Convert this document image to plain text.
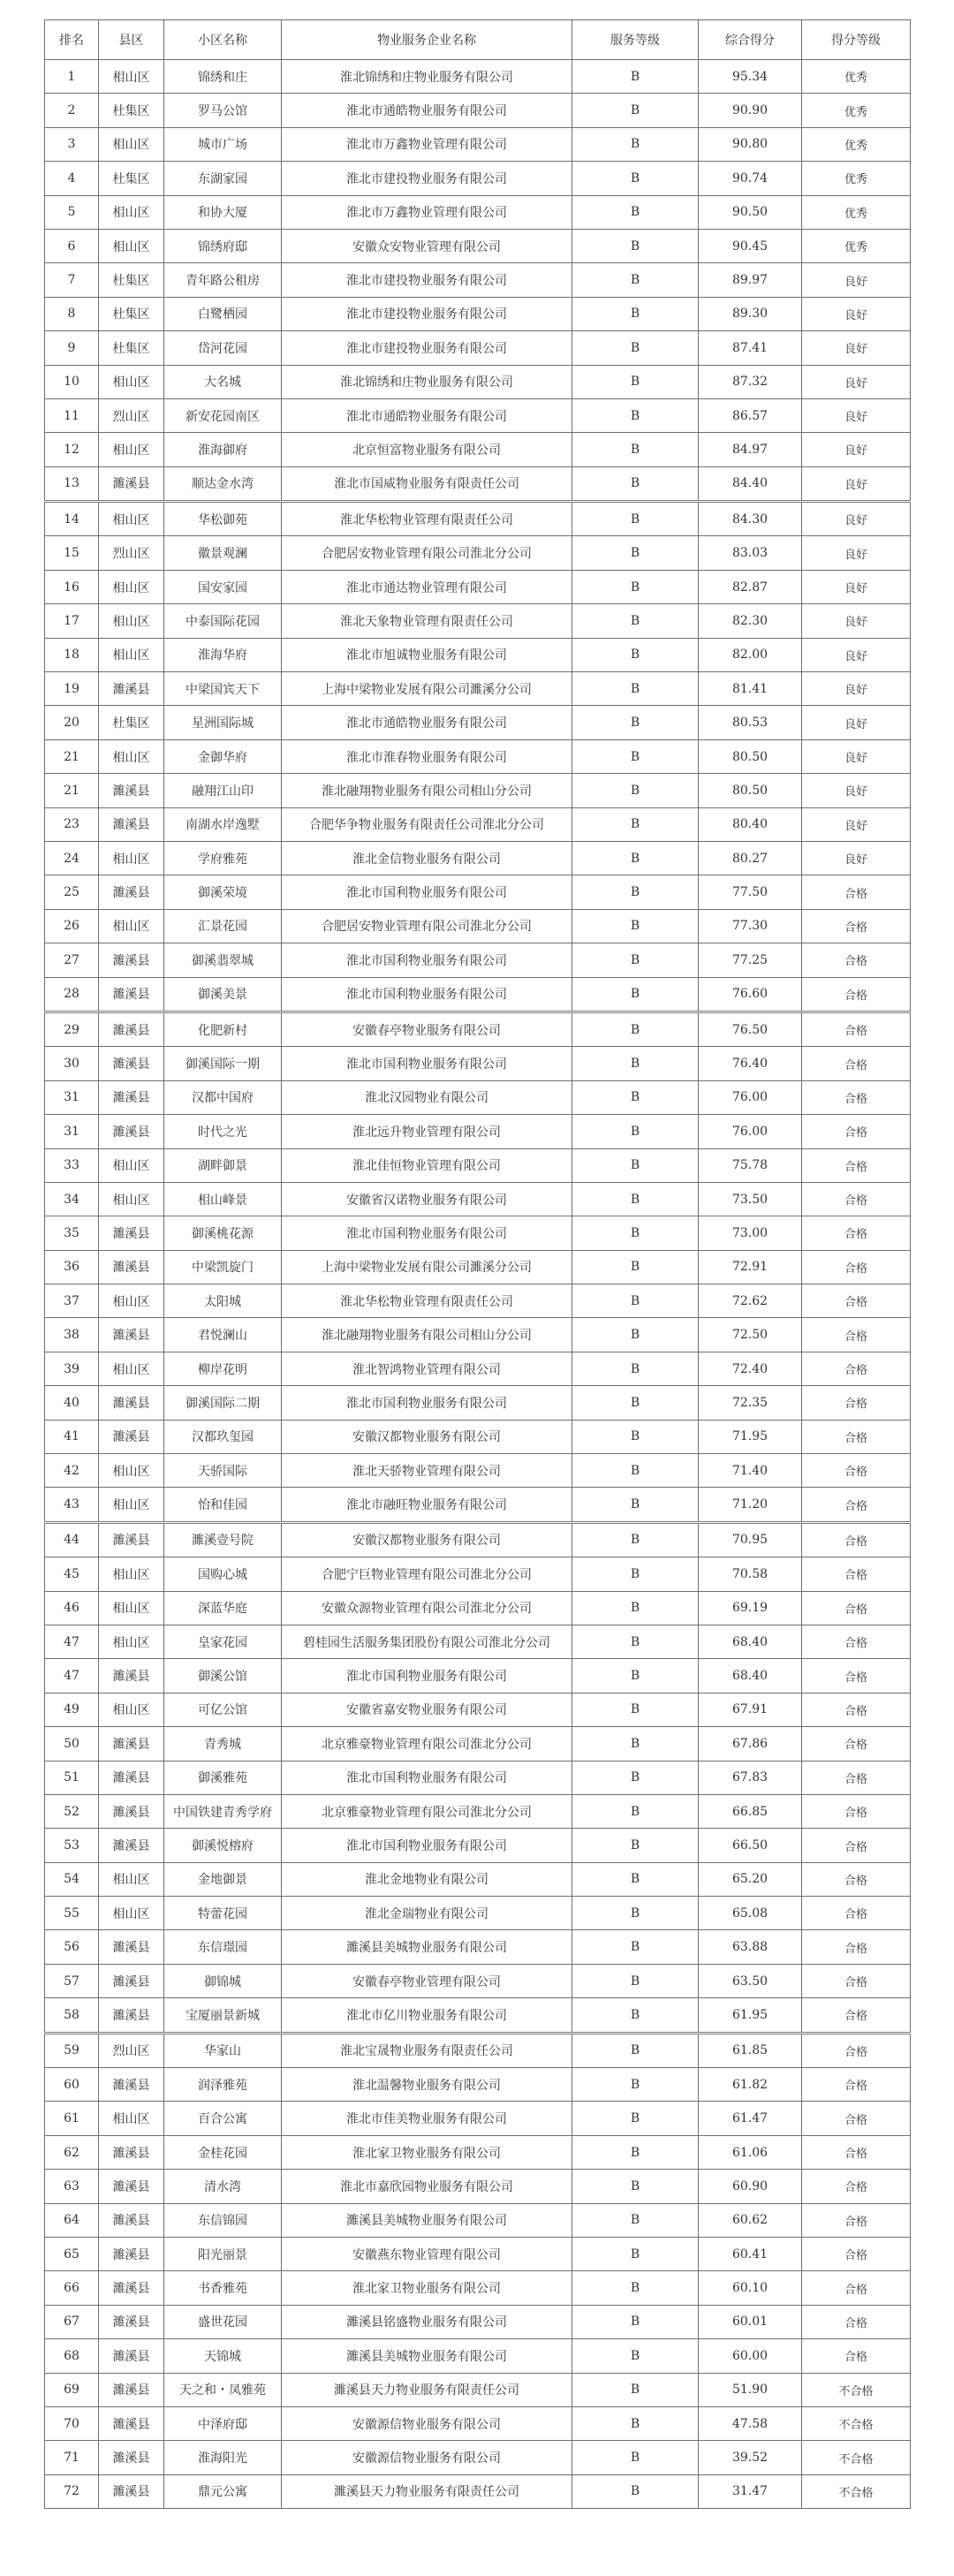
排名	县区	小区名称	物业服务企业名称	服务等级	综合得分	得分等级
1	相山区	锦绣和庄	淮北锦绣和庄物业服务有限公司	B	95.34	优秀
2	杜集区	罗马公馆	淮北市通皓物业服务有限公司	B	90.90	优秀
3	相山区	城市广场	淮北市万鑫物业管理有限公司	B	90.80	优秀
4	杜集区	东湖家园	淮北市建投物业服务有限公司	B	90.74	优秀
5	相山区	和协大厦	淮北市万鑫物业管理有限公司	B	90.50	优秀
6	相山区	锦绣府邸	安徽众安物业管理有限公司	B	90.45	优秀
7	杜集区	青年路公租房	淮北市建投物业服务有限公司	B	89.97	良好
8	杜集区	白鹭栖园	淮北市建投物业服务有限公司	B	89.30	良好
9	杜集区	岱河花园	淮北市建投物业服务有限公司	B	87.41	良好
10	相山区	大名城	淮北锦绣和庄物业服务有限公司	B	87.32	良好
11	烈山区	新安花园南区	淮北市通皓物业服务有限公司	B	86.57	良好
12	相山区	淮海御府	北京恒富物业服务有限公司	B	84.97	良好
13	濉溪县	顺达金水湾	淮北市国威物业服务有限责任公司	B	84.40	良好
14	相山区	华松御苑	淮北华松物业管理有限责任公司	B	84.30	良好
15	烈山区	徽景观澜	合肥居安物业管理有限公司淮北分公司	B	83.03	良好
16	相山区	国安家园	淮北市通达物业管理有限公司	B	82.87	良好
17	相山区	中泰国际花园	淮北天象物业管理有限责任公司	B	82.30	良好
18	相山区	淮海华府	淮北市旭诚物业服务有限公司	B	82.00	良好
19	濉溪县	中梁国宾天下	上海中梁物业发展有限公司濉溪分公司	B	81.41	良好
20	杜集区	星洲国际城	淮北市通皓物业服务有限公司	B	80.53	良好
21	相山区	金御华府	淮北市淮春物业服务有限公司	B	80.50	良好
21	濉溪县	融翔江山印	淮北融翔物业服务有限公司相山分公司	B	80.50	良好
23	濉溪县	南湖水岸逸墅	合肥华争物业服务有限责任公司淮北分公司	B	80.40	良好
24	相山区	学府雅苑	淮北金信物业服务有限公司	B	80.27	良好
25	濉溪县	御溪荣境	淮北市国利物业服务有限公司	B	77.50	合格
26	相山区	汇景花园	合肥居安物业管理有限公司淮北分公司	B	77.30	合格
27	濉溪县	御溪翡翠城	淮北市国利物业服务有限公司	B	77.25	合格
28	濉溪县	御溪美景	淮北市国利物业服务有限公司	B	76.60	合格
29	濉溪县	化肥新村	安徽春亭物业服务有限公司	B	76.50	合格
30	濉溪县	御溪国际一期	淮北市国利物业服务有限公司	B	76.40	合格
31	濉溪县	汉都中国府	淮北汉园物业有限公司	B	76.00	合格
31	濉溪县	时代之光	淮北远升物业管理有限公司	B	76.00	合格
33	相山区	湖畔御景	淮北佳恒物业管理有限公司	B	75.78	合格
34	相山区	相山峰景	安徽省汉诺物业服务有限公司	B	73.50	合格
35	濉溪县	御溪桃花源	淮北市国利物业服务有限公司	B	73.00	合格
36	濉溪县	中梁凯旋门	上海中梁物业发展有限公司濉溪分公司	B	72.91	合格
37	相山区	太阳城	淮北华松物业管理有限责任公司	B	72.62	合格
38	濉溪县	君悦澜山	淮北融翔物业服务有限公司相山分公司	B	72.50	合格
39	相山区	柳岸花明	淮北智鸿物业管理有限公司	B	72.40	合格
40	濉溪县	御溪国际二期	淮北市国利物业服务有限公司	B	72.35	合格
41	濉溪县	汉都玖玺园	安徽汉都物业服务有限公司	B	71.95	合格
42	相山区	天骄国际	淮北天骄物业管理有限公司	B	71.40	合格
43	相山区	怡和佳园	淮北市融旺物业服务有限公司	B	71.20	合格
44	濉溪县	濉溪壹号院	安徽汉都物业服务有限公司	B	70.95	合格
45	相山区	国购心城	合肥宁巨物业管理有限公司淮北分公司	B	70.58	合格
46	相山区	深蓝华庭	安徽众源物业管理有限公司淮北分公司	B	69.19	合格
47	相山区	皇家花园	碧桂园生活服务集团股份有限公司淮北分公司	B	68.40	合格
47	濉溪县	御溪公馆	淮北市国利物业服务有限公司	B	68.40	合格
49	相山区	可亿公馆	安徽省嘉安物业服务有限公司	B	67.91	合格
50	濉溪县	青秀城	北京雅豪物业管理有限公司淮北分公司	B	67.86	合格
51	濉溪县	御溪雅苑	淮北市国利物业服务有限公司	B	67.83	合格
52	濉溪县	中国铁建青秀学府	北京雅豪物业管理有限公司淮北分公司	B	66.85	合格
53	濉溪县	御溪悦榕府	淮北市国利物业服务有限公司	B	66.50	合格
54	相山区	金地御景	淮北金地物业有限公司	B	65.20	合格
55	相山区	特蕾花园	淮北金瑞物业有限公司	B	65.08	合格
56	濉溪县	东信璟园	濉溪县美城物业服务有限公司	B	63.88	合格
57	濉溪县	御锦城	安徽春亭物业管理有限公司	B	63.50	合格
58	濉溪县	宝厦丽景新城	淮北市亿川物业服务有限公司	B	61.95	合格
59	烈山区	华家山	淮北宝晟物业服务有限责任公司	B	61.85	合格
60	濉溪县	润泽雅苑	淮北温馨物业服务有限公司	B	61.82	合格
61	相山区	百合公寓	淮北市佳美物业服务有限公司	B	61.47	合格
62	濉溪县	金桂花园	淮北家卫物业服务有限公司	B	61.06	合格
63	濉溪县	清水湾	淮北市嘉欣园物业服务有限公司	B	60.90	合格
64	濉溪县	东信锦园	濉溪县美城物业服务有限公司	B	60.62	合格
65	濉溪县	阳光丽景	安徽燕东物业管理有限公司	B	60.41	合格
66	濉溪县	书香雅苑	淮北家卫物业服务有限公司	B	60.10	合格
67	濉溪县	盛世花园	濉溪县铭盛物业服务有限公司	B	60.01	合格
68	濉溪县	天锦城	濉溪县美城物业服务有限公司	B	60.00	合格
69	濉溪县	天之和・凤雅苑	濉溪县天力物业服务有限责任公司	B	51.90	不合格
70	濉溪县	中泽府邸	安徽源信物业服务有限公司	B	47.58	不合格
71	濉溪县	淮海阳光	安徽源信物业服务有限公司	B	39.52	不合格
72	濉溪县	鼎元公寓	濉溪县天力物业服务有限责任公司	B	31.47	不合格
